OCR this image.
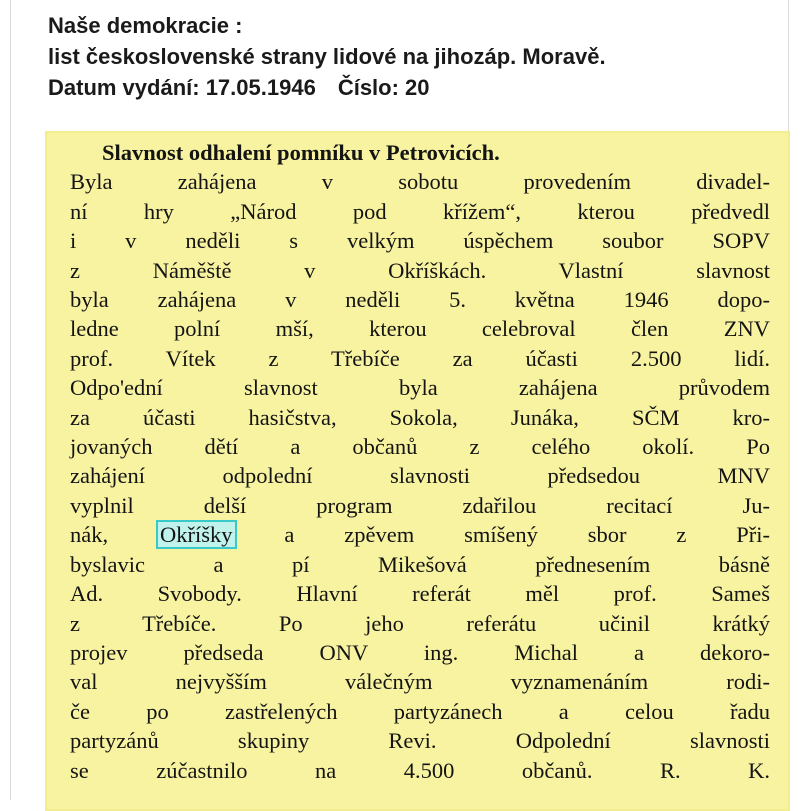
Naše demokracie :
list československé strany lidové na jihozáp. Moravě.
Datum vydání: 17.05.1946 Číslo: 20
Slavnost odhalení pomníku v Petrovicích.
Byla zahájena v sobotu provedením divadel-
ní hry „Národ pod křížem“, kterou předvedl
i v neděli s velkým úspěchem soubor SOPV
z Náměště v Okříškách. Vlastní slavnost
byla zahájena v neděli 5. května 1946 dopo-
ledne polní mší, kterou celebroval člen ZNV
prof. Vítek z Třebíče za účasti 2.500 lidí.
Odpo'ední slavnost byla zahájena průvodem
za účasti hasičstva, Sokola, Junáka, SČM kro-
jovaných dětí a občanů z celého okolí. Po
zahájení odpolední slavnosti předsedou MNV
vyplnil delší program zdařilou recitací Ju-
nák, Okříšky a zpěvem smíšený sbor z Při-
byslavic a pí Mikešová přednesením básně
Ad. Svobody. Hlavní referát měl prof. Sameš
z Třebíče. Po jeho referátu učinil krátký
projev předseda ONV ing. Michal a dekoro-
val nejvyšším válečným vyznamenáním rodi-
če po zastřelených partyzánech a celou řadu
partyzánů skupiny Revi. Odpolední slavnosti
se zúčastnilo na 4.500 občanů.	R. K.
